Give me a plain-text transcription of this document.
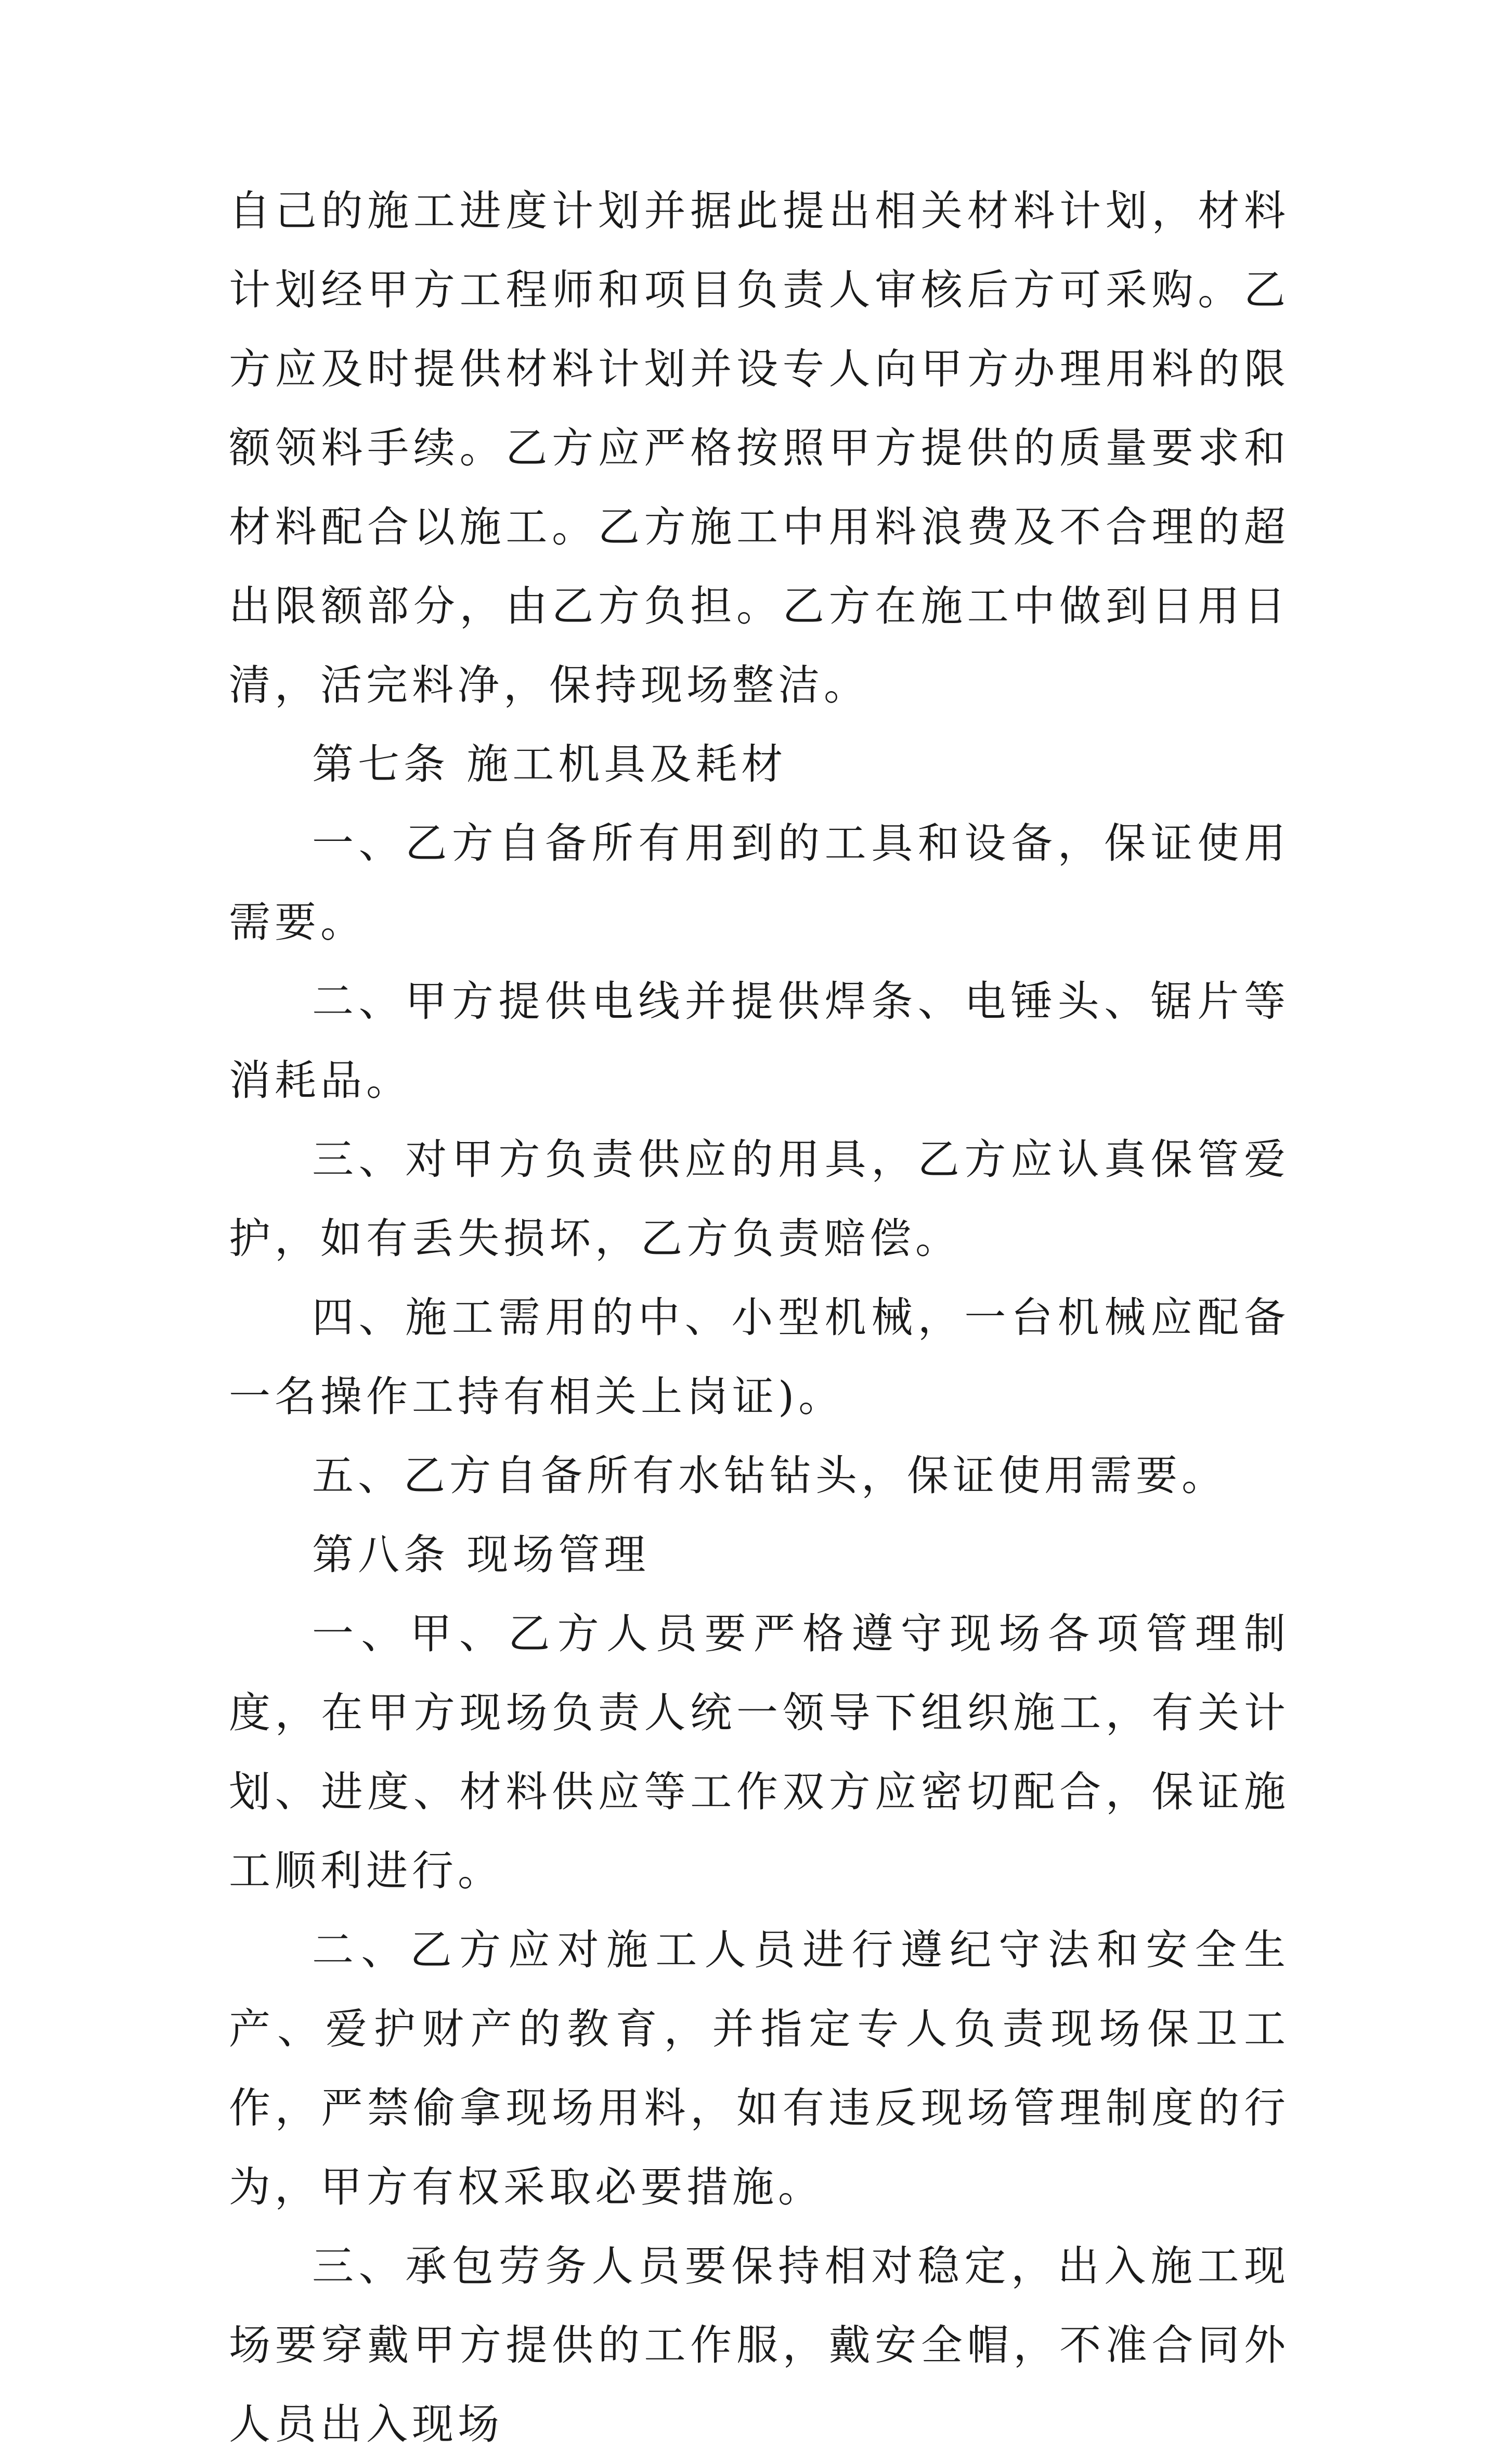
自己的施工进度计划并据此提出相关材料计划，材料计划经甲方工程师和项目负责人审核后方可采购。乙方应及时提供材料计划并设专人向甲方办理用料的限额领料手续。乙方应严格按照甲方提供的质量要求和材料配合以施工。乙方施工中用料浪费及不合理的超出限额部分，由乙方负担。乙方在施工中做到日用日清，活完料净，保持现场整洁。

第七条 施工机具及耗材

一、乙方自备所有用到的工具和设备，保证使用需要。

二、甲方提供电线并提供焊条、电锤头、锯片等消耗品。

三、对甲方负责供应的用具，乙方应认真保管爱护，如有丢失损坏，乙方负责赔偿。

四、施工需用的中、小型机械，一台机械应配备一名操作工持有相关上岗证)。

五、乙方自备所有水钻钻头，保证使用需要。

第八条 现场管理

一、甲、乙方人员要严格遵守现场各项管理制度，在甲方现场负责人统一领导下组织施工，有关计划、进度、材料供应等工作双方应密切配合，保证施工顺利进行。

二、乙方应对施工人员进行遵纪守法和安全生产、爱护财产的教育，并指定专人负责现场保卫工作，严禁偷拿现场用料，如有违反现场管理制度的行为，甲方有权采取必要措施。

三、承包劳务人员要保持相对稳定，出入施工现场要穿戴甲方提供的工作服，戴安全帽，不准合同外人员出入现场
